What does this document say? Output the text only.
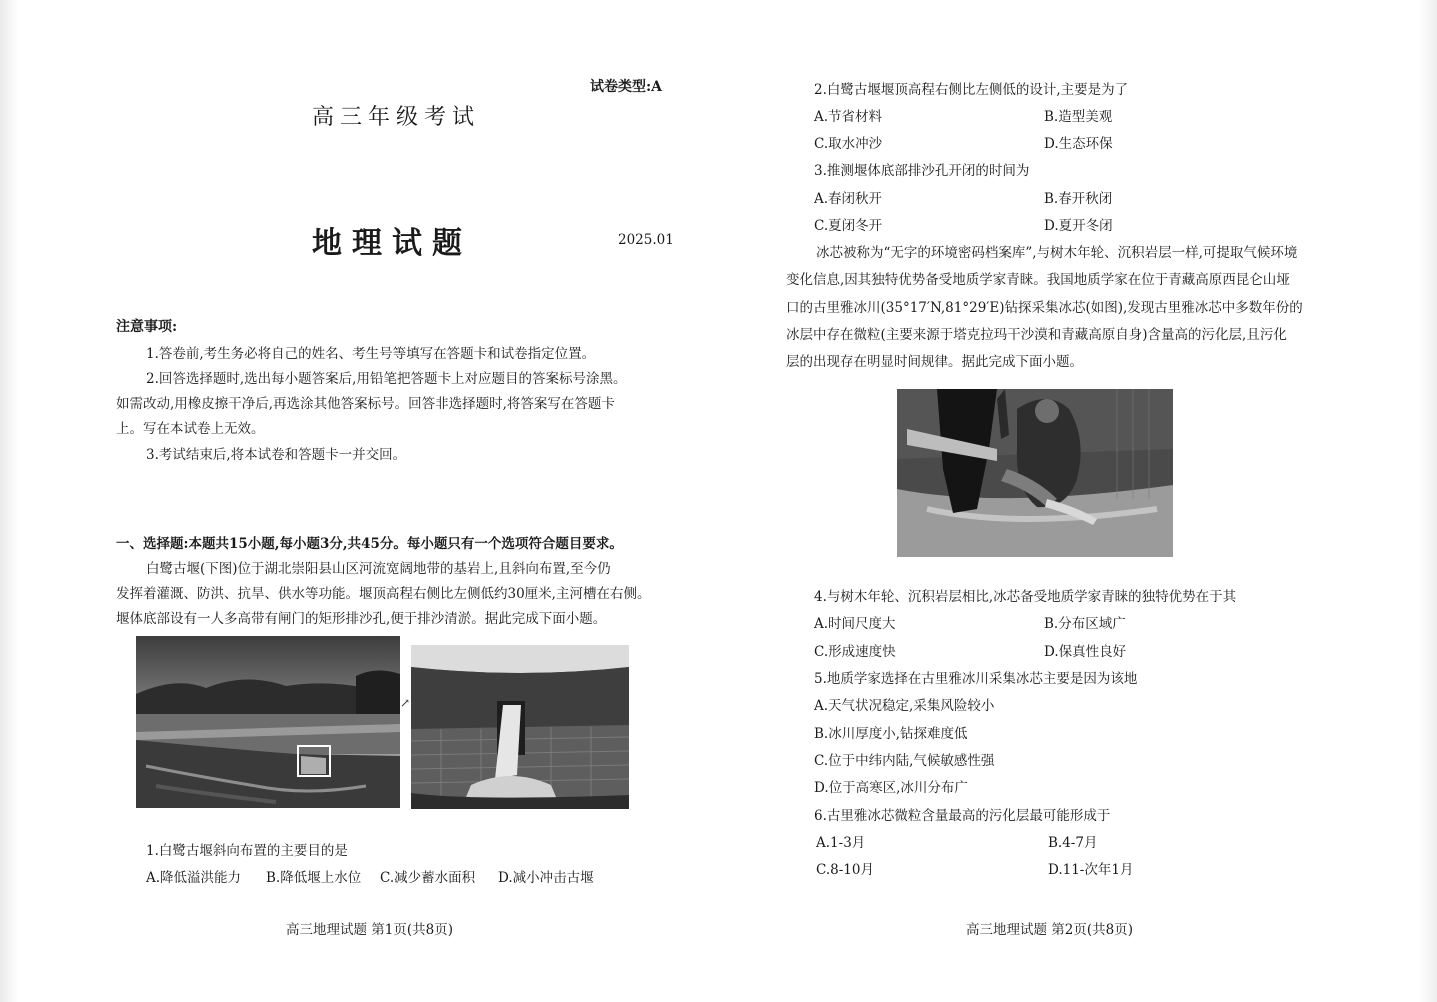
试卷类型:A
高三年级考试
地理试题	2025.01
注意事项:
1.答卷前,考生务必将自己的姓名、考生号等填写在答题卡和试卷指定位置。
2.回答选择题时,选出每小题答案后,用铅笔把答题卡上对应题目的答案标号涂黑。
如需改动,用橡皮擦干净后,再选涂其他答案标号。回答非选择题时,将答案写在答题卡
上。写在本试卷上无效。
3.考试结束后,将本试卷和答题卡一并交回。
一、选择题:本题共15小题,每小题3分,共45分。每小题只有一个选项符合题目要求。
白鹭古堰(下图)位于湖北崇阳县山区河流宽阔地带的基岩上,且斜向布置,至今仍
发挥着灌溉、防洪、抗旱、供水等功能。堰顶高程右侧比左侧低约30厘米,主河槽在右侧。
堰体底部设有一人多高带有闸门的矩形排沙孔,便于排沙清淤。据此完成下面小题。
↗
1.白鹭古堰斜向布置的主要目的是
A.降低溢洪能力 B.降低堰上水位 C.减少蓄水面积 D.减小冲击古堰
高三地理试题 第1页(共8页)
2.白鹭古堰堰顶高程右侧比左侧低的设计,主要是为了
A.节省材料	B.造型美观
C.取水冲沙	D.生态环保
3.推测堰体底部排沙孔开闭的时间为
A.春闭秋开	B.春开秋闭
C.夏闭冬开	D.夏开冬闭
冰芯被称为“无字的环境密码档案库”,与树木年轮、沉积岩层一样,可提取气候环境
变化信息,因其独特优势备受地质学家青睐。我国地质学家在位于青藏高原西昆仑山垭
口的古里雅冰川(35°17′N,81°29′E)钻探采集冰芯(如图),发现古里雅冰芯中多数年份的
冰层中存在微粒(主要来源于塔克拉玛干沙漠和青藏高原自身)含量高的污化层,且污化
层的出现存在明显时间规律。据此完成下面小题。
4.与树木年轮、沉积岩层相比,冰芯备受地质学家青睐的独特优势在于其
A.时间尺度大	B.分布区域广
C.形成速度快	D.保真性良好
5.地质学家选择在古里雅冰川采集冰芯主要是因为该地
A.天气状况稳定,采集风险较小
B.冰川厚度小,钻探难度低
C.位于中纬内陆,气候敏感性强
D.位于高寒区,冰川分布广
6.古里雅冰芯微粒含量最高的污化层最可能形成于
A.1-3月	B.4-7月
C.8-10月	D.11-次年1月
高三地理试题 第2页(共8页)
